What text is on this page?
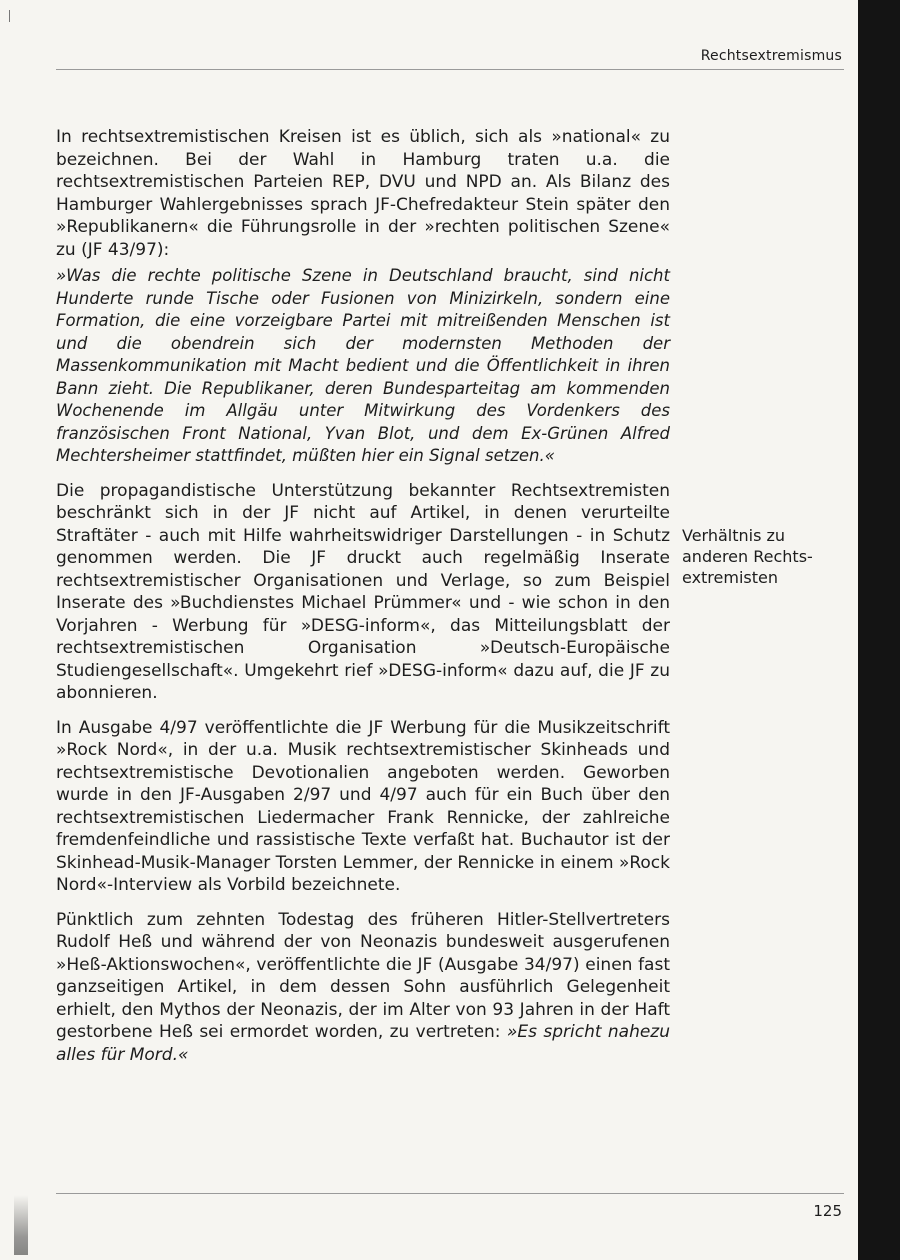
Rechtsextremismus

In rechtsextremistischen Kreisen ist es üblich, sich als »national« zu bezeichnen. Bei der Wahl in Hamburg traten u.a. die rechtsextremistischen Parteien REP, DVU und NPD an. Als Bilanz des Hamburger Wahlergebnisses sprach JF-Chefredakteur Stein später den »Republikanern« die Führungsrolle in der »rechten politischen Szene« zu (JF 43/97):

»Was die rechte politische Szene in Deutschland braucht, sind nicht Hunderte runde Tische oder Fusionen von Minizirkeln, sondern eine Formation, die eine vorzeigbare Partei mit mitreißenden Menschen ist und die obendrein sich der modernsten Methoden der Massenkommunikation mit Macht bedient und die Öffentlichkeit in ihren Bann zieht. Die Republikaner, deren Bundesparteitag am kommenden Wochenende im Allgäu unter Mitwirkung des Vordenkers des französischen Front National, Yvan Blot, und dem Ex-Grünen Alfred Mechtersheimer stattfindet, müßten hier ein Signal setzen.«

Die propagandistische Unterstützung bekannter Rechtsextremisten beschränkt sich in der JF nicht auf Artikel, in denen verurteilte Straftäter - auch mit Hilfe wahrheitswidriger Darstellungen - in Schutz genommen werden. Die JF druckt auch regelmäßig Inserate rechtsextremistischer Organisationen und Verlage, so zum Beispiel Inserate des »Buchdienstes Michael Prümmer« und - wie schon in den Vorjahren - Werbung für »DESG-inform«, das Mitteilungsblatt der rechtsextremistischen Organisation »Deutsch-Europäische Studiengesellschaft«. Umgekehrt rief »DESG-inform« dazu auf, die JF zu abonnieren.

In Ausgabe 4/97 veröffentlichte die JF Werbung für die Musikzeitschrift »Rock Nord«, in der u.a. Musik rechtsextremistischer Skinheads und rechtsextremistische Devotionalien angeboten werden. Geworben wurde in den JF-Ausgaben 2/97 und 4/97 auch für ein Buch über den rechtsextremistischen Liedermacher Frank Rennicke, der zahlreiche fremdenfeindliche und rassistische Texte verfaßt hat. Buchautor ist der Skinhead-Musik-Manager Torsten Lemmer, der Rennicke in einem »Rock Nord«-Interview als Vorbild bezeichnete.

Pünktlich zum zehnten Todestag des früheren Hitler-Stellvertreters Rudolf Heß und während der von Neonazis bundesweit ausgerufenen »Heß-Aktionswochen«, veröffentlichte die JF (Ausgabe 34/97) einen fast ganzseitigen Artikel, in dem dessen Sohn ausführlich Gelegenheit erhielt, den Mythos der Neonazis, der im Alter von 93 Jahren in der Haft gestorbene Heß sei ermordet worden, zu vertreten: »Es spricht nahezu alles für Mord.«

Verhältnis zu
anderen Rechts-
extremisten
125
